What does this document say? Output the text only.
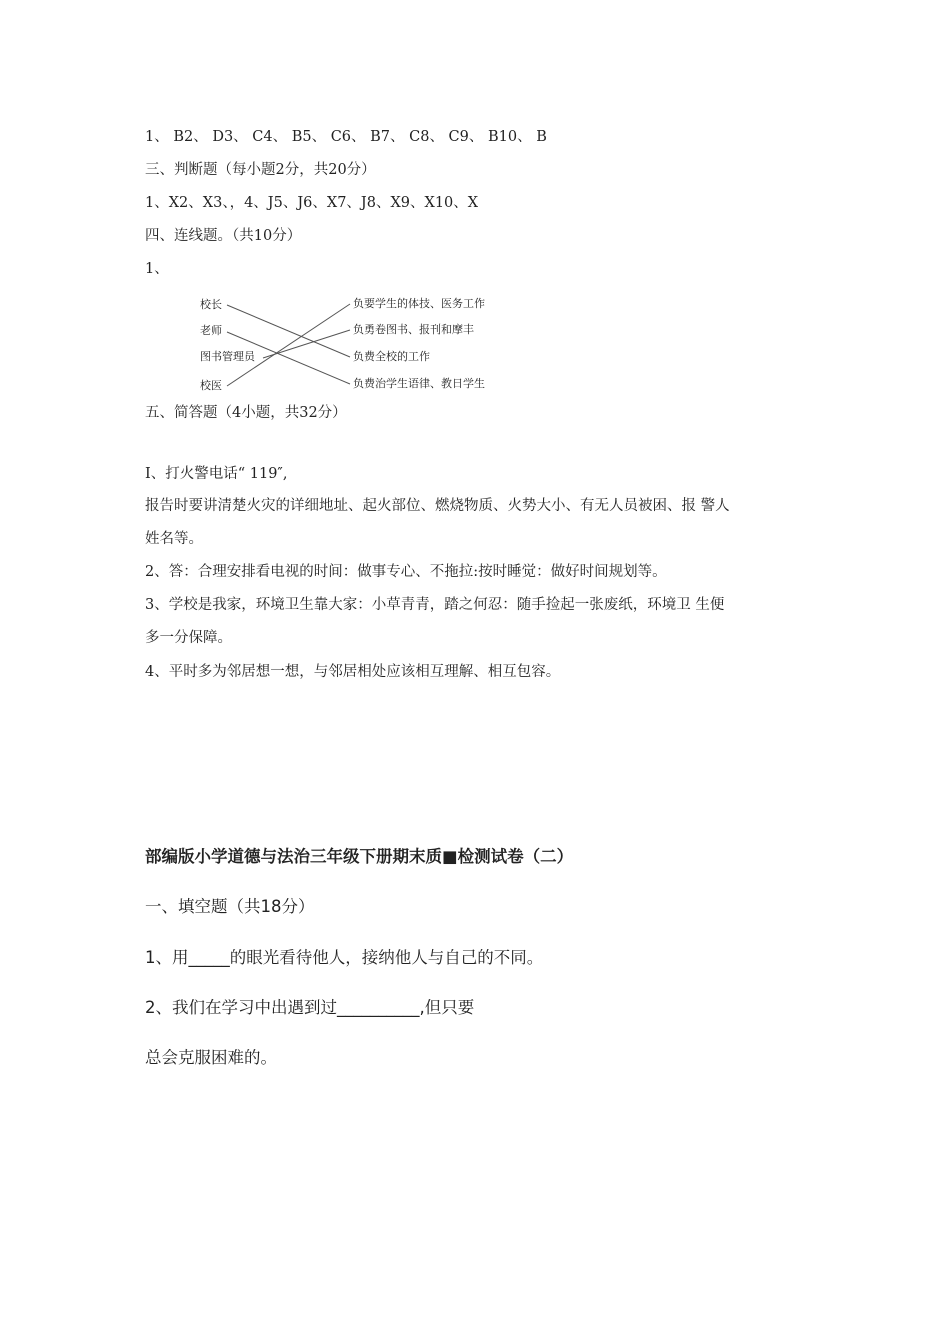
1、 B2、 D3、 C4、 B5、 C6、 B7、 C8、 C9、 B10、 B
三、判断题（每小题2分，共20分）
1、X2、X3、，4、J5、J6、X7、J8、X9、X10、X
四、连线题。（共10分）
1、
校长
老师
图书管理员
校医
负要学生的体技、医务工作
负勇卷图书、报刊和摩丰
负费全校的工作
负费治学生语律、教日学生
五、简答题（4小题，共32分）
I、打火警电话“ 119″,
报告时要讲清楚火灾的详细地址、起火部位、燃烧物质、火势大小、有无人员被困、报 警人
姓名等。
2、答：合理安排看电视的时间：做事专心、不拖拉:按时睡觉：做好时间规划等。
3、学校是我家，环境卫生靠大家：小草青青，踏之何忍：随手捡起一张废纸，环境卫 生便
多一分保障。
4、平时多为邻居想一想，与邻居相处应该相互理解、相互包容。
部编版小学道德与法治三年级下册期末质■检测试卷（二）
一、填空题（共18分）
1、用_____的眼光看待他人，接纳他人与自己的不同。
2、我们在学习中出遇到过__________,但只要
总会克服困难的。
